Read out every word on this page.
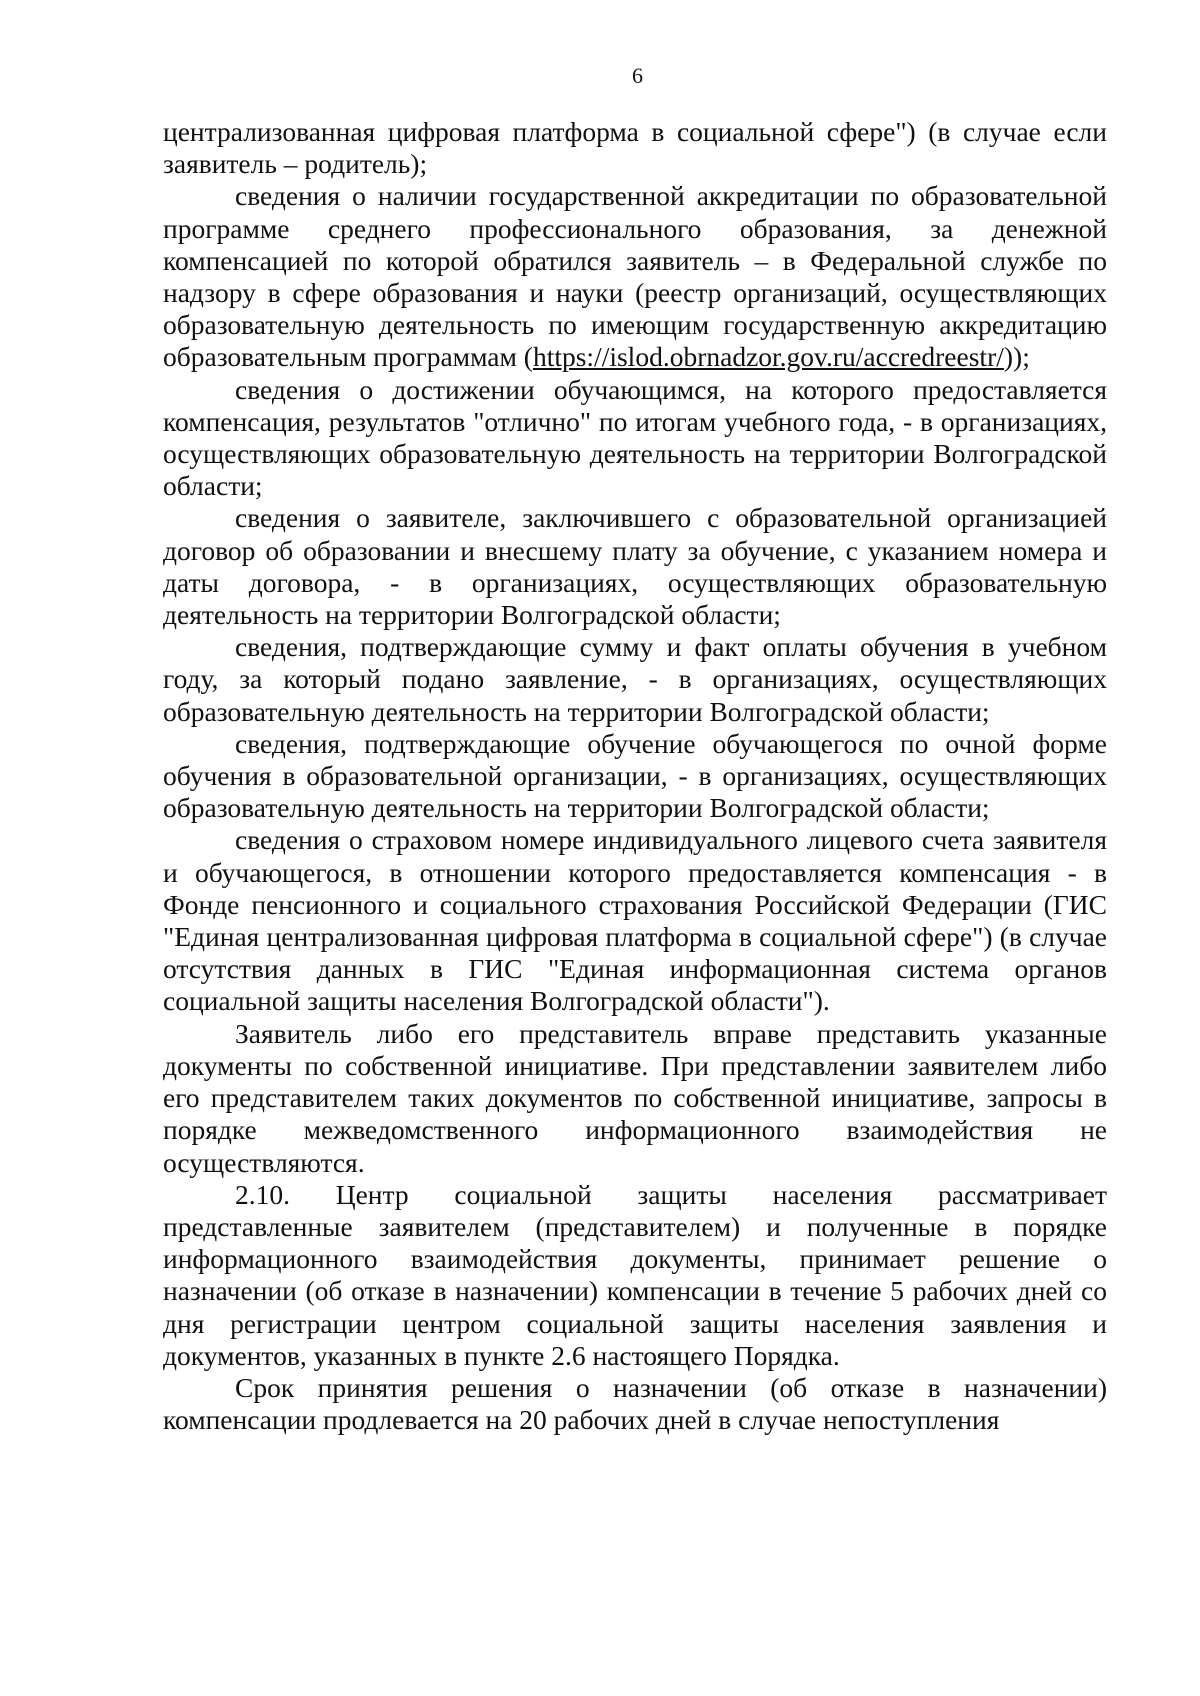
6

централизованная цифровая платформа в социальной сфере") (в случае если заявитель – родитель);

сведения о наличии государственной аккредитации по образовательной программе среднего профессионального образования, за денежной компенсацией по которой обратился заявитель – в Федеральной службе по надзору в сфере образования и науки (реестр организаций, осуществляющих образовательную деятельность по имеющим государственную аккредитацию образовательным программам (https://islod.obrnadzor.gov.ru/accredreestr/));

сведения о достижении обучающимся, на которого предоставляется компенсация, результатов "отлично" по итогам учебного года, - в организациях, осуществляющих образовательную деятельность на территории Волгоградской области;

сведения о заявителе, заключившего с образовательной организацией договор об образовании и внесшему плату за обучение, с указанием номера и даты договора, - в организациях, осуществляющих образовательную деятельность на территории Волгоградской области;

сведения, подтверждающие сумму и факт оплаты обучения в учебном году, за который подано заявление, - в организациях, осуществляющих образовательную деятельность на территории Волгоградской области;

сведения, подтверждающие обучение обучающегося по очной форме обучения в образовательной организации, - в организациях, осуществляющих образовательную деятельность на территории Волгоградской области;

сведения о страховом номере индивидуального лицевого счета заявителя и обучающегося, в отношении которого предоставляется компенсация - в Фонде пенсионного и социального страхования Российской Федерации (ГИС "Единая централизованная цифровая платформа в социальной сфере") (в случае отсутствия данных в ГИС "Единая информационная система органов социальной защиты населения Волгоградской области").

Заявитель либо его представитель вправе представить указанные документы по собственной инициативе. При представлении заявителем либо его представителем таких документов по собственной инициативе, запросы в порядке межведомственного информационного взаимодействия не осуществляются.

2.10. Центр социальной защиты населения рассматривает представленные заявителем (представителем) и полученные в порядке информационного взаимодействия документы, принимает решение о назначении (об отказе в назначении) компенсации в течение 5 рабочих дней со дня регистрации центром социальной защиты населения заявления и документов, указанных в пункте 2.6 настоящего Порядка.

Срок принятия решения о назначении (об отказе в назначении) компенсации продлевается на 20 рабочих дней в случае непоступления
